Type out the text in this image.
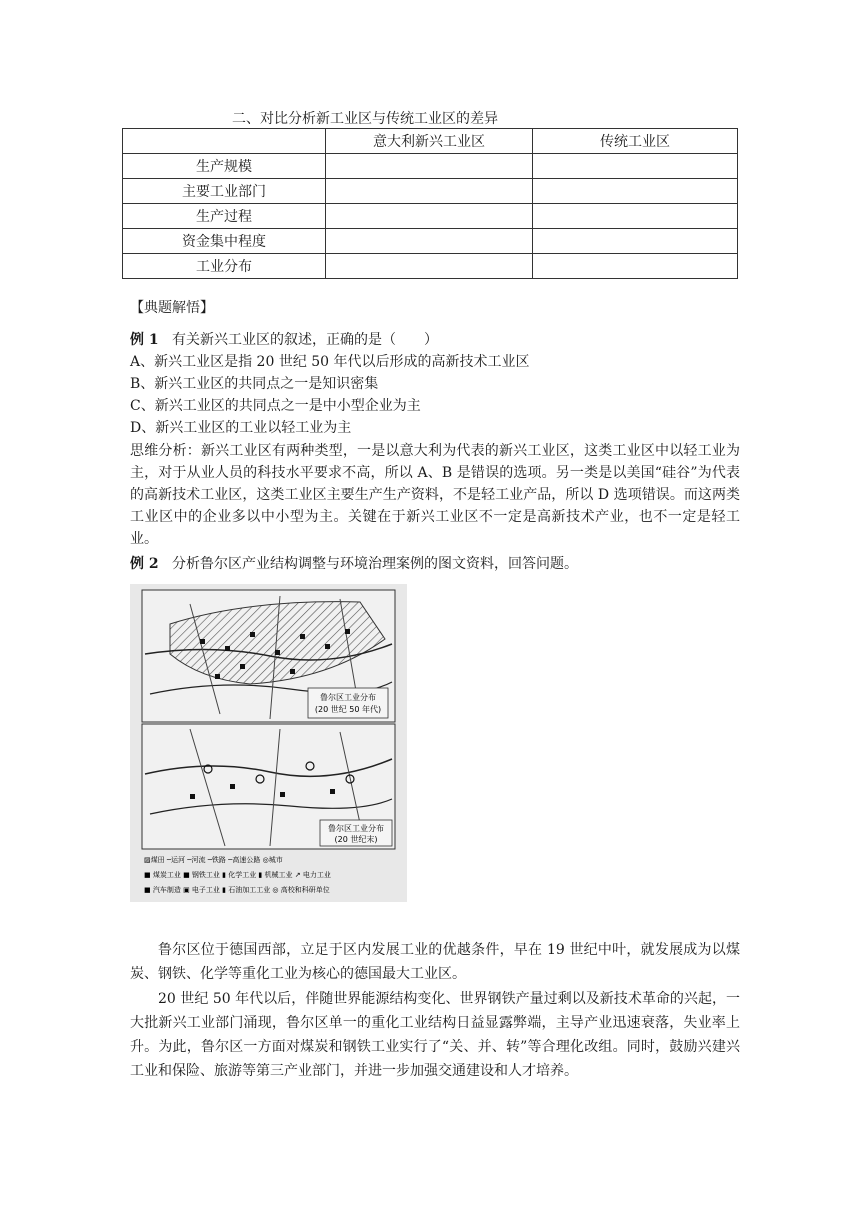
二、对比分析新工业区与传统工业区的差异
	意大利新兴工业区	传统工业区
生产规模		
主要工业部门		
生产过程		
资金集中程度		
工业分布		
【典题解悟】
例 1 有关新兴工业区的叙述，正确的是（　　）
A、新兴工业区是指 20 世纪 50 年代以后形成的高新技术工业区
B、新兴工业区的共同点之一是知识密集
C、新兴工业区的共同点之一是中小型企业为主
D、新兴工业区的工业以轻工业为主
思维分析：新兴工业区有两种类型，一是以意大利为代表的新兴工业区，这类工业区中以轻工业为主，对于从业人员的科技水平要求不高，所以 A、B 是错误的选项。另一类是以美国“硅谷”为代表的高新技术工业区，这类工业区主要生产生产资料，不是轻工业产品，所以 D 选项错误。而这两类工业区中的企业多以中小型为主。关键在于新兴工业区不一定是高新技术产业，也不一定是轻工业。
例 2 分析鲁尔区产业结构调整与环境治理案例的图文资料，回答问题。
鲁尔区工业分布
(20 世纪 50 年代)
鲁尔区工业分布
(20 世纪末)
▨煤田 ─运河 ─河流 ─铁路 ─高速公路 ◎城市
■ 煤炭工业 ■ 钢铁工业 ▮ 化学工业 ▮ 机械工业 ↗ 电力工业
■ 汽车制造 ▣ 电子工业 ▮ 石油加工工业 ◎ 高校和科研单位
鲁尔区位于德国西部，立足于区内发展工业的优越条件，早在 19 世纪中叶，就发展成为以煤炭、钢铁、化学等重化工业为核心的德国最大工业区。
20 世纪 50 年代以后，伴随世界能源结构变化、世界钢铁产量过剩以及新技术革命的兴起，一大批新兴工业部门涌现，鲁尔区单一的重化工业结构日益显露弊端，主导产业迅速衰落，失业率上升。为此，鲁尔区一方面对煤炭和钢铁工业实行了“关、并、转”等合理化改组。同时，鼓励兴建兴工业和保险、旅游等第三产业部门，并进一步加强交通建设和人才培养。
